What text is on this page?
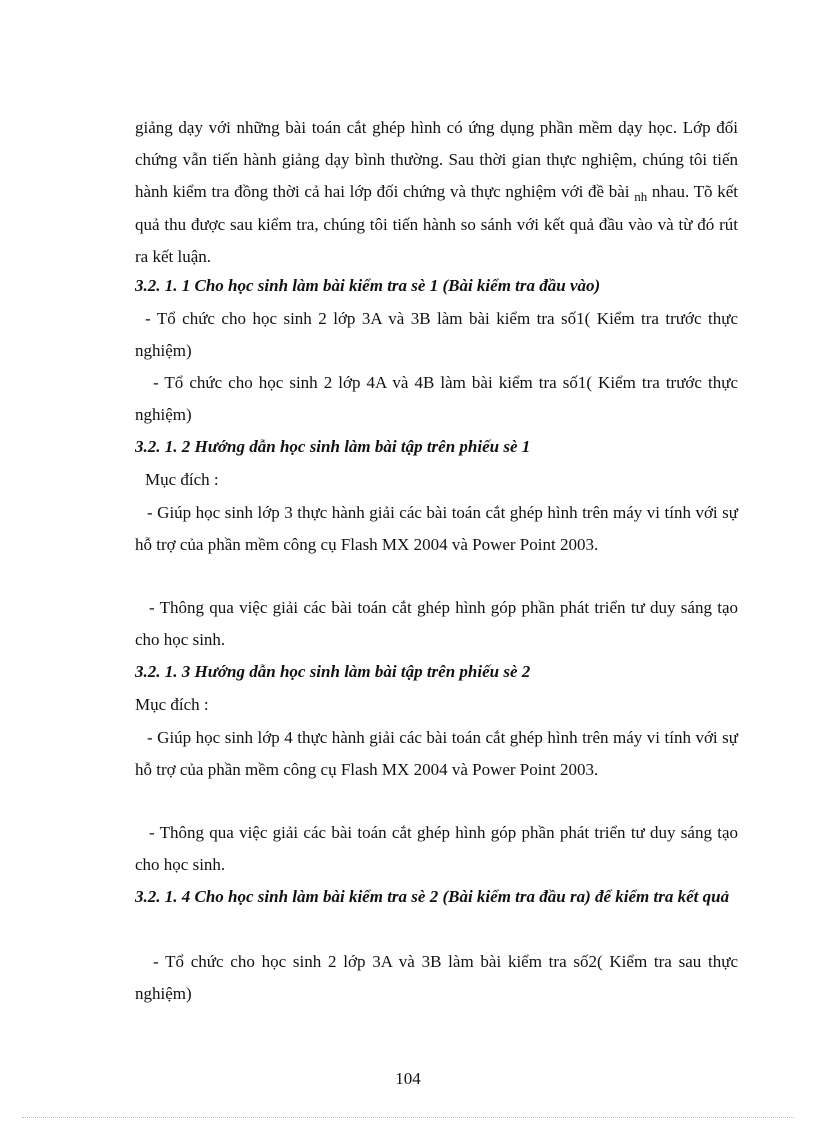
giảng dạy với những bài toán cắt ghép hình có ứng dụng phần mềm dạy học. Lớp đối chứng vẫn tiến hành giảng dạy bình thường. Sau thời gian thực nghiệm, chúng tôi tiến hành kiểm tra đồng thời cả hai lớp đối chứng và thực nghiệm với đề bài $_{nh}$ nhau. Tõ kết quả thu được sau kiểm tra, chúng tôi tiến hành so sánh với kết quả đầu vào và từ đó rút ra kết luận.

3.2. 1. 1 Cho học sinh làm bài kiểm tra sè 1 (Bài kiểm tra đầu vào)

- Tổ chức cho học sinh 2 lớp 3A và 3B làm bài kiểm tra số1( Kiểm tra trước thực nghiệm)

- Tổ chức cho học sinh 2 lớp 4A và 4B làm bài kiểm tra số1( Kiểm tra trước thực nghiệm)

3.2. 1. 2 Hướng dẫn học sinh làm bài tập trên phiếu sè 1

Mục đích :

- Giúp học sinh lớp 3 thực hành giải các bài toán cắt ghép hình trên máy vi tính với sự hỗ trợ của phần mềm công cụ Flash MX 2004 và Power Point 2003.

- Thông qua việc giải các bài toán cắt ghép hình góp phần phát triển tư duy sáng tạo cho học sinh.

3.2. 1. 3 Hướng dẫn học sinh làm bài tập trên phiếu sè 2

Mục đích :

- Giúp học sinh lớp 4 thực hành giải các bài toán cắt ghép hình trên máy vi tính với sự hỗ trợ của phần mềm công cụ Flash MX 2004 và Power Point 2003.

- Thông qua việc giải các bài toán cắt ghép hình góp phần phát triển tư duy sáng tạo cho học sinh.

3.2. 1. 4 Cho học sinh làm bài kiểm tra sè 2 (Bài kiểm tra đầu ra) để kiểm tra kết quả

- Tổ chức cho học sinh 2 lớp 3A và 3B làm bài kiểm tra số2( Kiểm tra sau thực nghiệm)

104
